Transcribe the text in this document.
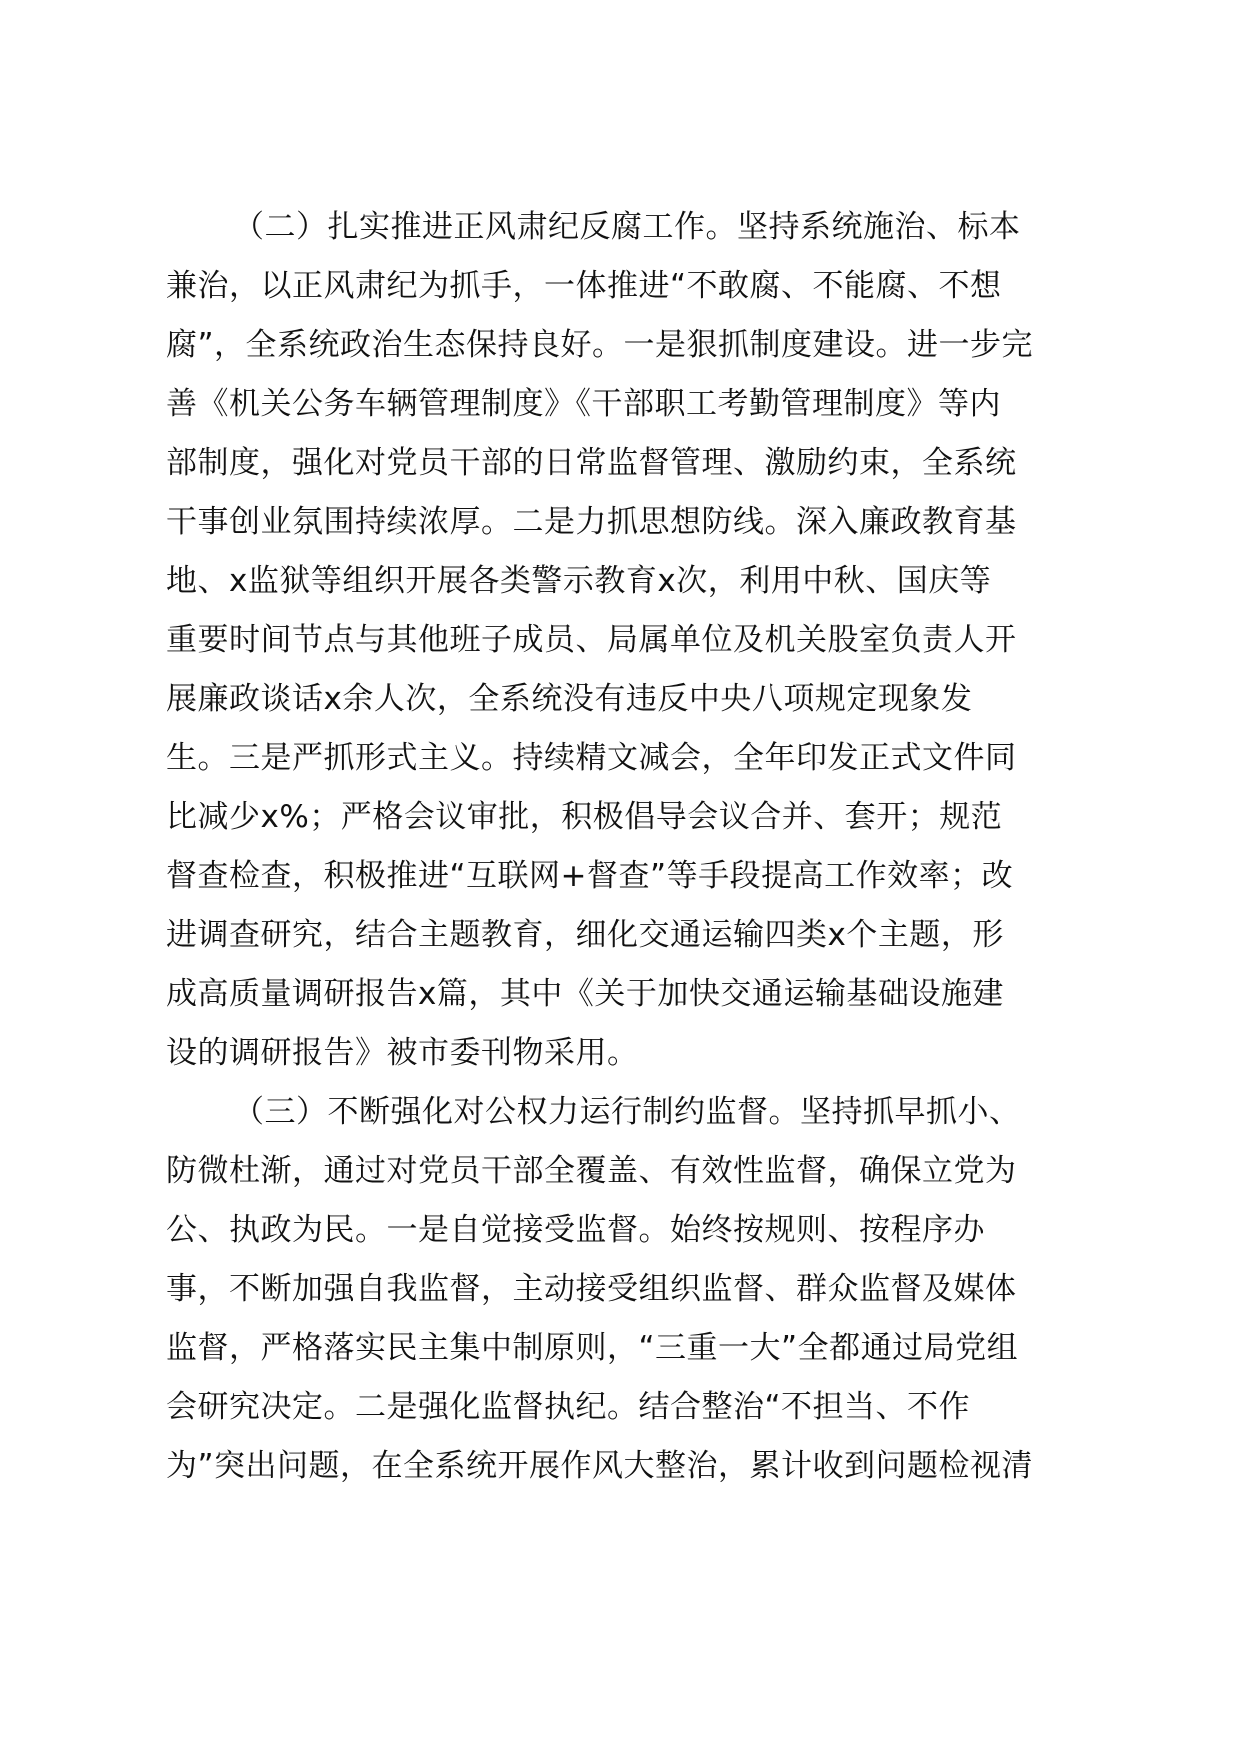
（二）扎实推进正风肃纪反腐工作。坚持系统施治、标本
兼治，以正风肃纪为抓手，一体推进“不敢腐、不能腐、不想
腐”，全系统政治生态保持良好。一是狠抓制度建设。进一步完
善《机关公务车辆管理制度》《干部职工考勤管理制度》等内
部制度，强化对党员干部的日常监督管理、激励约束，全系统
干事创业氛围持续浓厚。二是力抓思想防线。深入廉政教育基
地、x监狱等组织开展各类警示教育x次，利用中秋、国庆等
重要时间节点与其他班子成员、局属单位及机关股室负责人开
展廉政谈话x余人次，全系统没有违反中央八项规定现象发
生。三是严抓形式主义。持续精文减会，全年印发正式文件同
比减少x%；严格会议审批，积极倡导会议合并、套开；规范
督查检查，积极推进“互联网+督查”等手段提高工作效率；改
进调查研究，结合主题教育，细化交通运输四类x个主题，形
成高质量调研报告x篇，其中《关于加快交通运输基础设施建
设的调研报告》被市委刊物采用。
（三）不断强化对公权力运行制约监督。坚持抓早抓小、
防微杜渐，通过对党员干部全覆盖、有效性监督，确保立党为
公、执政为民。一是自觉接受监督。始终按规则、按程序办
事，不断加强自我监督，主动接受组织监督、群众监督及媒体
监督，严格落实民主集中制原则，“三重一大”全都通过局党组
会研究决定。二是强化监督执纪。结合整治“不担当、不作
为”突出问题，在全系统开展作风大整治，累计收到问题检视清
